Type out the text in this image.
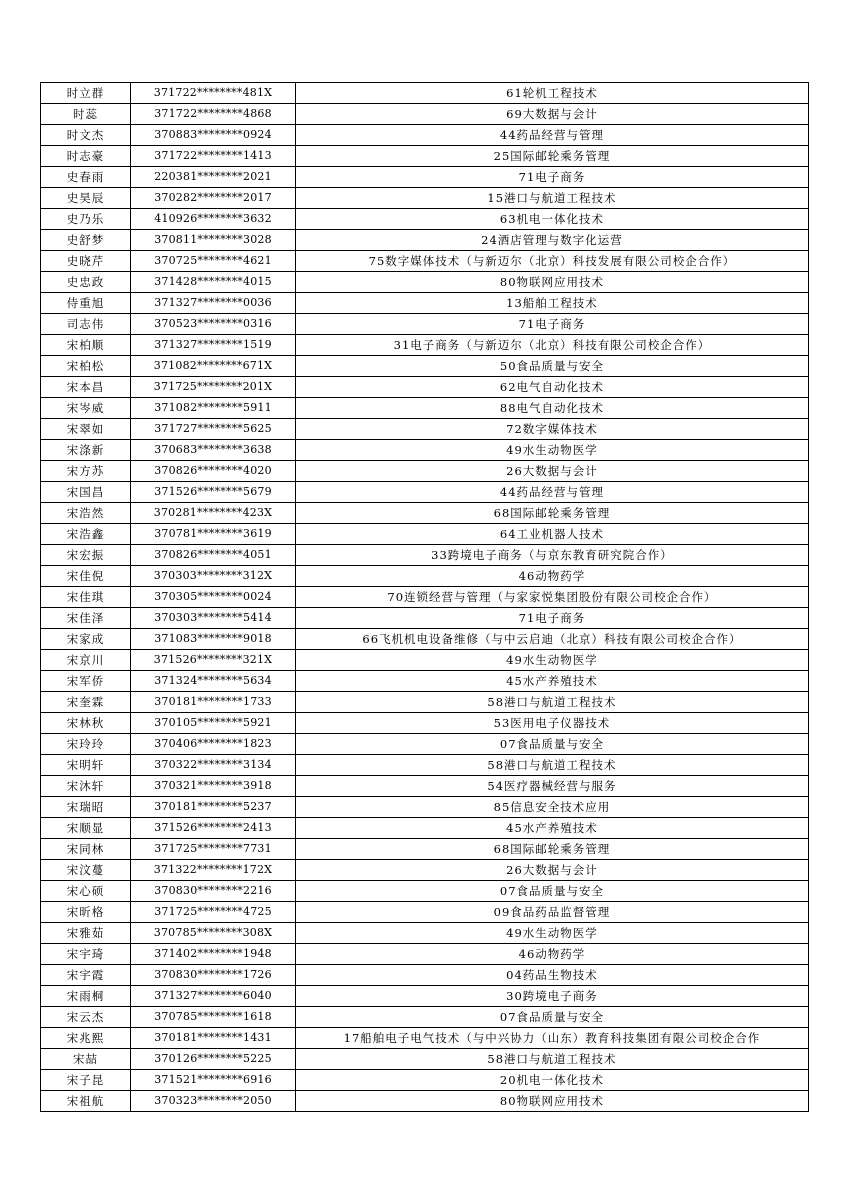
时立群	371722********481X	61轮机工程技术
时蕊	371722********4868	69大数据与会计
时文杰	370883********0924	44药品经营与管理
时志豪	371722********1413	25国际邮轮乘务管理
史春雨	220381********2021	71电子商务
史昊辰	370282********2017	15港口与航道工程技术
史乃乐	410926********3632	63机电一体化技术
史舒梦	370811********3028	24酒店管理与数字化运营
史晓芹	370725********4621	75数字媒体技术（与新迈尔（北京）科技发展有限公司校企合作）
史忠政	371428********4015	80物联网应用技术
侍重旭	371327********0036	13船舶工程技术
司志伟	370523********0316	71电子商务
宋柏顺	371327********1519	31电子商务（与新迈尔（北京）科技有限公司校企合作）
宋柏松	371082********671X	50食品质量与安全
宋本昌	371725********201X	62电气自动化技术
宋岑威	371082********5911	88电气自动化技术
宋翠如	371727********5625	72数字媒体技术
宋涤新	370683********3638	49水生动物医学
宋方苏	370826********4020	26大数据与会计
宋国昌	371526********5679	44药品经营与管理
宋浩然	370281********423X	68国际邮轮乘务管理
宋浩鑫	370781********3619	64工业机器人技术
宋宏振	370826********4051	33跨境电子商务（与京东教育研究院合作）
宋佳倪	370303********312X	46动物药学
宋佳琪	370305********0024	70连锁经营与管理（与家家悦集团股份有限公司校企合作）
宋佳泽	370303********5414	71电子商务
宋家成	371083********9018	66飞机机电设备维修（与中云启迪（北京）科技有限公司校企合作）
宋京川	371526********321X	49水生动物医学
宋军侨	371324********5634	45水产养殖技术
宋奎霖	370181********1733	58港口与航道工程技术
宋林秋	370105********5921	53医用电子仪器技术
宋玲玲	370406********1823	07食品质量与安全
宋明轩	370322********3134	58港口与航道工程技术
宋沐轩	370321********3918	54医疗器械经营与服务
宋瑞昭	370181********5237	85信息安全技术应用
宋顺显	371526********2413	45水产养殖技术
宋同林	371725********7731	68国际邮轮乘务管理
宋汶蔓	371322********172X	26大数据与会计
宋心硕	370830********2216	07食品质量与安全
宋昕格	371725********4725	09食品药品监督管理
宋雅茹	370785********308X	49水生动物医学
宋宇琦	371402********1948	46动物药学
宋宇霞	370830********1726	04药品生物技术
宋雨桐	371327********6040	30跨境电子商务
宋云杰	370785********1618	07食品质量与安全
宋兆熙	370181********1431	17船舶电子电气技术（与中兴协力（山东）教育科技集团有限公司校企合作
宋喆	370126********5225	58港口与航道工程技术
宋子昆	371521********6916	20机电一体化技术
宋祖航	370323********2050	80物联网应用技术
